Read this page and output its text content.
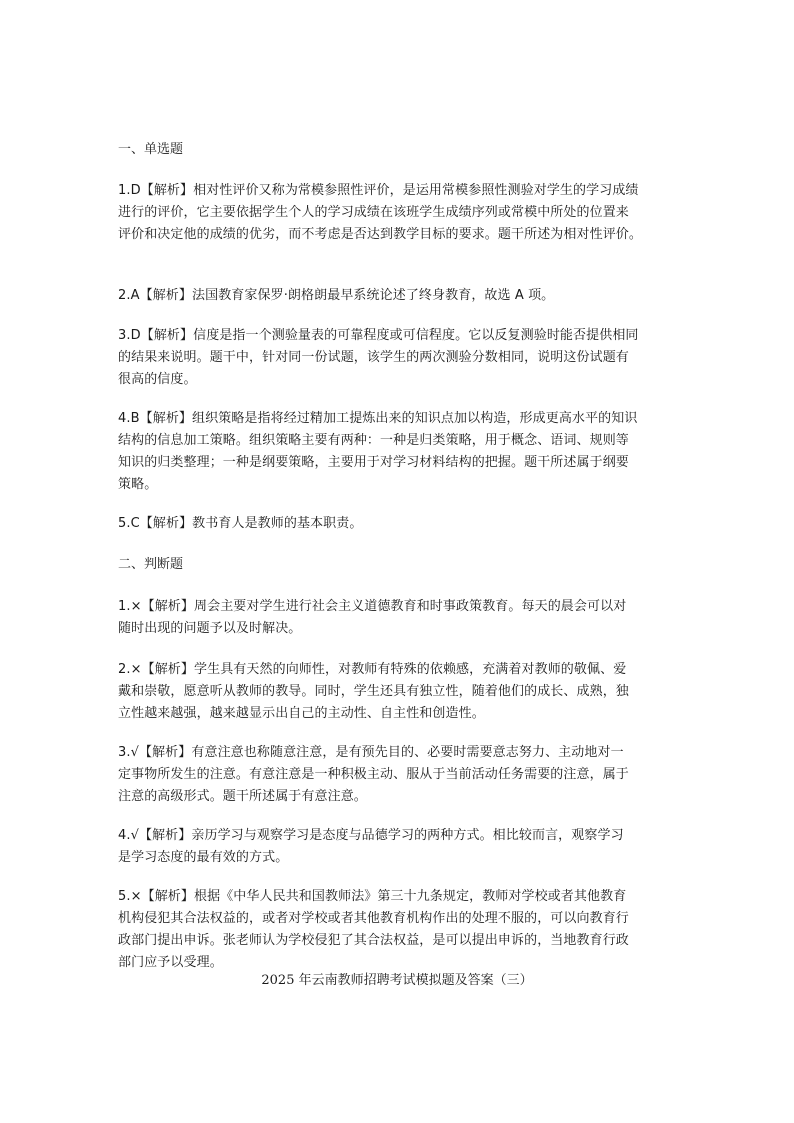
一、单选题
1.D【解析】相对性评价又称为常模参照性评价，是运用常模参照性测验对学生的学习成绩
进行的评价，它主要依据学生个人的学习成绩在该班学生成绩序列或常模中所处的位置来
评价和决定他的成绩的优劣，而不考虑是否达到教学目标的要求。题干所述为相对性评价。
2.A【解析】法国教育家保罗·朗格朗最早系统论述了终身教育，故选 A 项。
3.D【解析】信度是指一个测验量表的可靠程度或可信程度。它以反复测验时能否提供相同
的结果来说明。题干中，针对同一份试题，该学生的两次测验分数相同，说明这份试题有
很高的信度。
4.B【解析】组织策略是指将经过精加工提炼出来的知识点加以构造，形成更高水平的知识
结构的信息加工策略。组织策略主要有两种：一种是归类策略，用于概念、语词、规则等
知识的归类整理；一种是纲要策略，主要用于对学习材料结构的把握。题干所述属于纲要
策略。
5.C【解析】教书育人是教师的基本职责。
二、判断题
1.×【解析】周会主要对学生进行社会主义道德教育和时事政策教育。每天的晨会可以对
随时出现的问题予以及时解决。
2.×【解析】学生具有天然的向师性，对教师有特殊的依赖感，充满着对教师的敬佩、爱
戴和崇敬，愿意听从教师的教导。同时，学生还具有独立性，随着他们的成长、成熟，独
立性越来越强，越来越显示出自己的主动性、自主性和创造性。
3.√【解析】有意注意也称随意注意，是有预先目的、必要时需要意志努力、主动地对一
定事物所发生的注意。有意注意是一种积极主动、服从于当前活动任务需要的注意，属于
注意的高级形式。题干所述属于有意注意。
4.√【解析】亲历学习与观察学习是态度与品德学习的两种方式。相比较而言，观察学习
是学习态度的最有效的方式。
5.×【解析】根据《中华人民共和国教师法》第三十九条规定，教师对学校或者其他教育
机构侵犯其合法权益的，或者对学校或者其他教育机构作出的处理不服的，可以向教育行
政部门提出申诉。张老师认为学校侵犯了其合法权益，是可以提出申诉的，当地教育行政
部门应予以受理。
2025 年云南教师招聘考试模拟题及答案（三）
